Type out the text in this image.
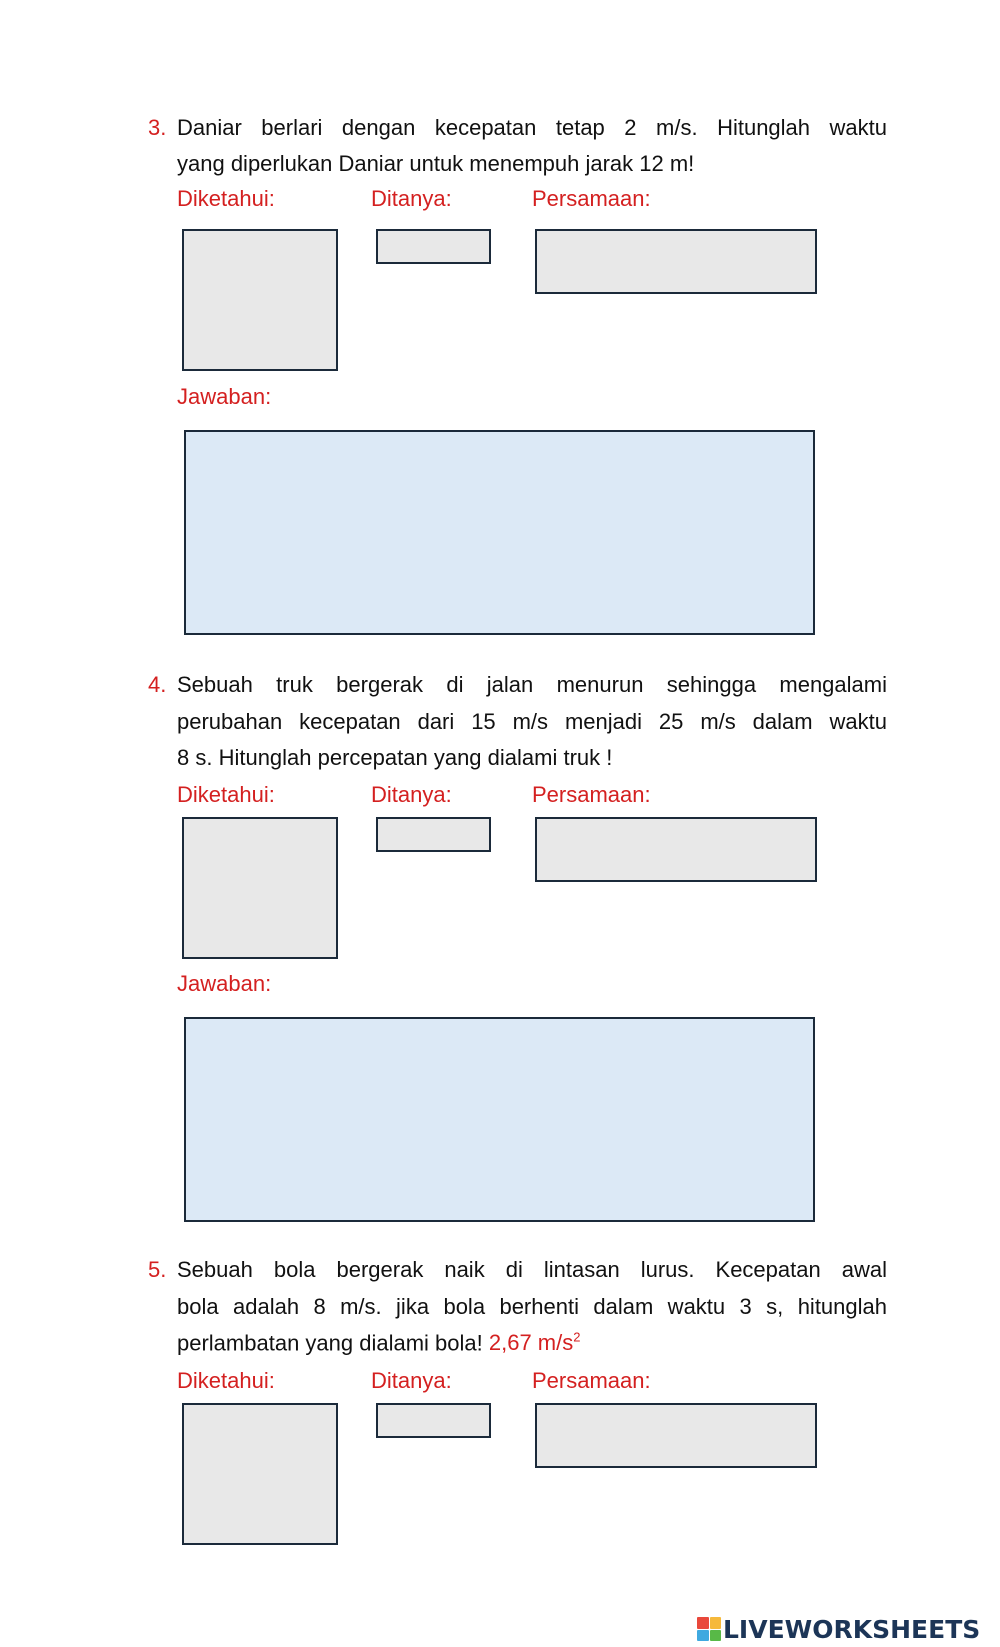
3. Daniar berlari dengan kecepatan tetap 2 m/s. Hitunglah waktu
yang diperlukan Daniar untuk menempuh jarak 12 m!
Diketahui:	Ditanya:	Persamaan:
Jawaban:
4. Sebuah truk bergerak di jalan menurun sehingga mengalami
perubahan kecepatan dari 15 m/s menjadi 25 m/s dalam waktu
8 s. Hitunglah percepatan yang dialami truk !
Diketahui:	Ditanya:	Persamaan:
Jawaban:
5. Sebuah bola bergerak naik di lintasan lurus. Kecepatan awal
bola adalah 8 m/s. jika bola berhenti dalam waktu 3 s, hitunglah
perlambatan yang dialami bola! 2,67 $m/s^2$
Diketahui:	Ditanya:	Persamaan:
LIVEWORKSHEETS
